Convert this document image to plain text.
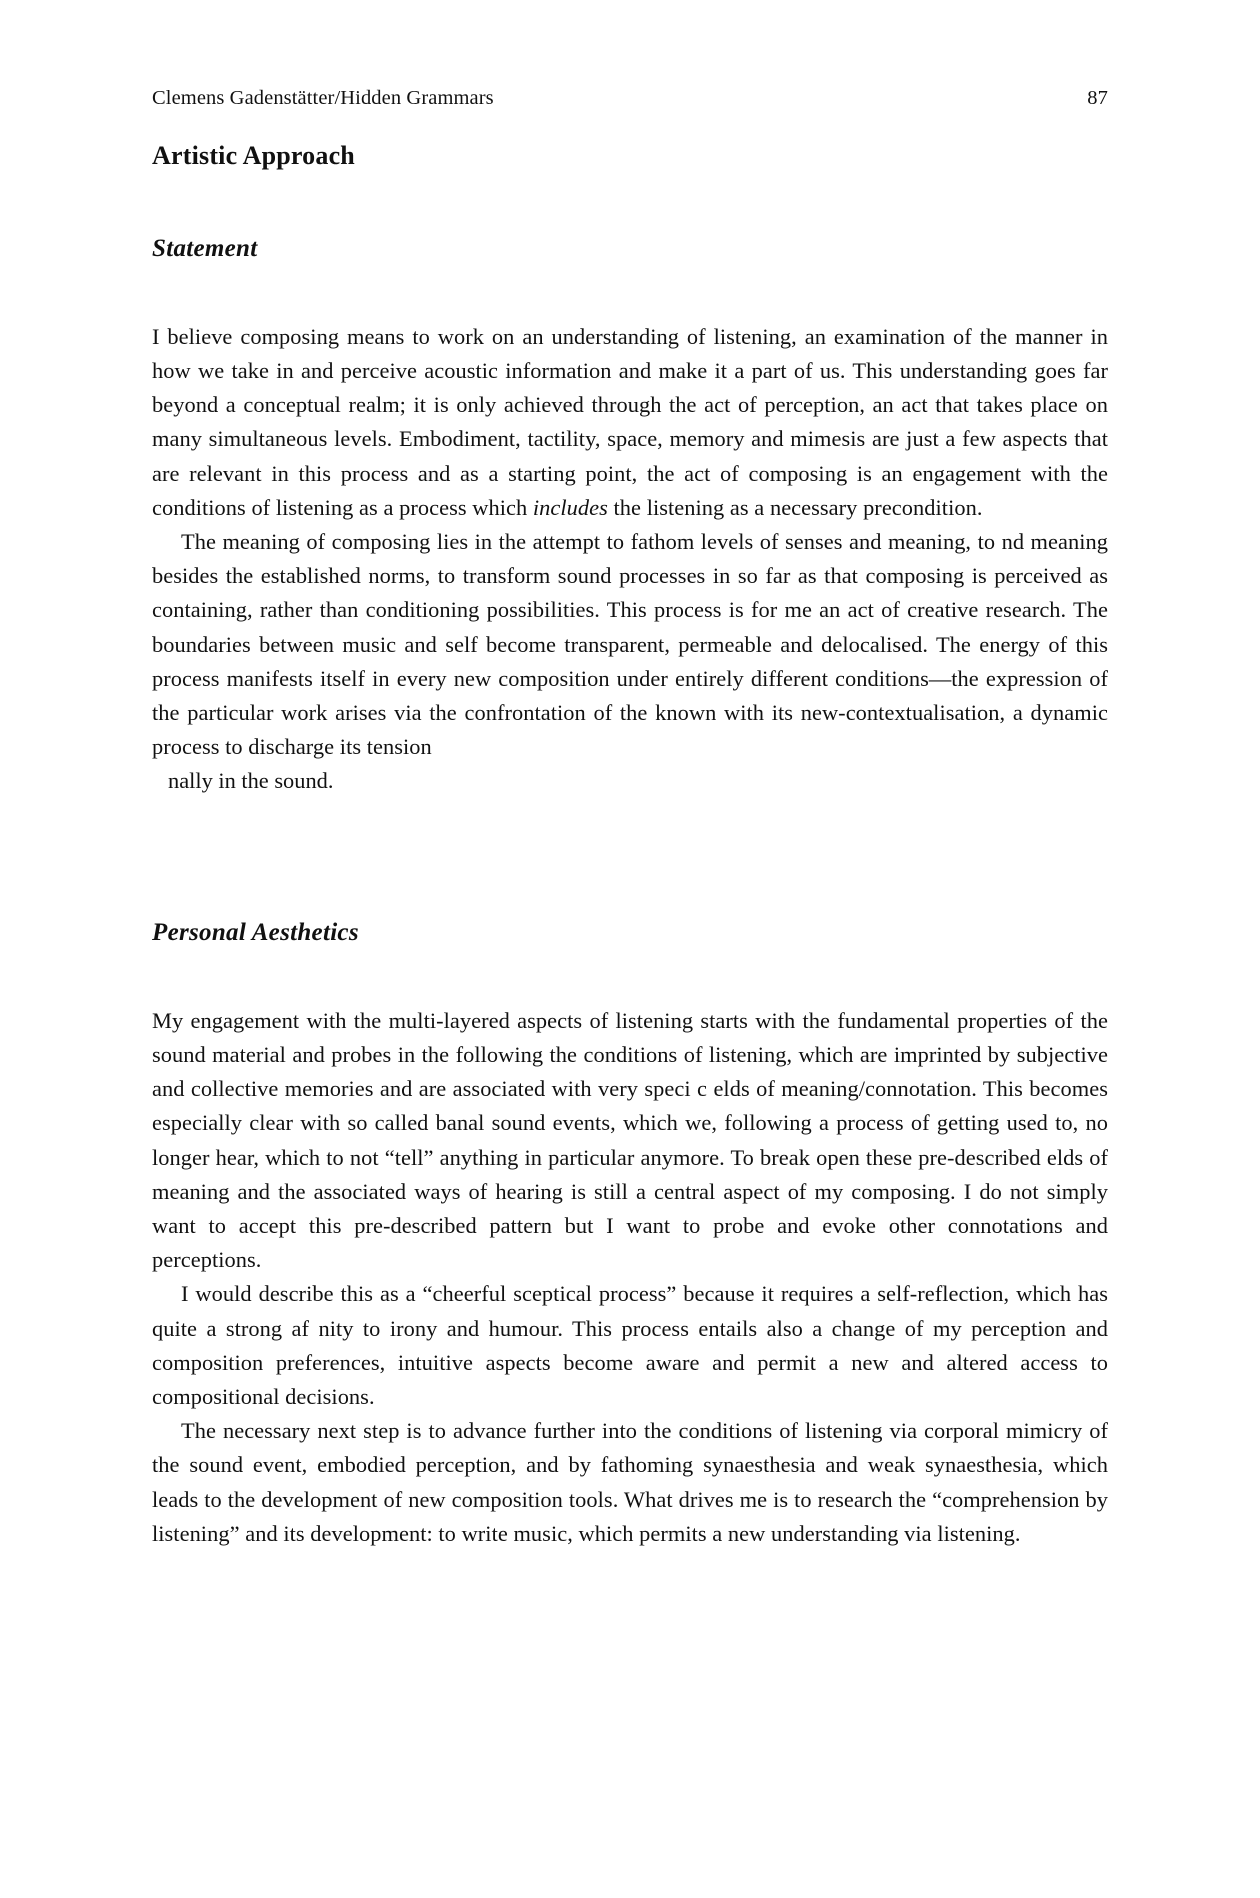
Clemens Gadenstätter/Hidden Grammars	87
Artistic Approach
Statement

I believe composing means to work on an understanding of listening, an examination of the manner in how we take in and perceive acoustic information and make it a part of us. This understanding goes far beyond a conceptual realm; it is only achieved through the act of perception, an act that takes place on many simultaneous levels. Embodiment, tactility, space, memory and mimesis are just a few aspects that are relevant in this process and as a starting point, the act of composing is an engagement with the conditions of listening as a process which includes the listening as a necessary precondition.

The meaning of composing lies in the attempt to fathom levels of senses and meaning, to nd meaning besides the established norms, to transform sound processes in so far as that composing is perceived as containing, rather than conditioning possibilities. This process is for me an act of creative research. The boundaries between music and self become transparent, permeable and delocalised. The energy of this process manifests itself in every new composition under entirely different conditions—the expression of the particular work arises via the confrontation of the known with its new-contextualisation, a dynamic process to discharge its tension

nally in the sound.
Personal Aesthetics

My engagement with the multi-layered aspects of listening starts with the fundamental properties of the sound material and probes in the following the conditions of listening, which are imprinted by subjective and collective memories and are associated with very speci c elds of meaning/connotation. This becomes especially clear with so called banal sound events, which we, following a process of getting used to, no longer hear, which to not “tell” anything in particular anymore. To break open these pre-described elds of meaning and the associated ways of hearing is still a central aspect of my composing. I do not simply want to accept this pre-described pattern but I want to probe and evoke other connotations and perceptions.

I would describe this as a “cheerful sceptical process” because it requires a self-reflection, which has quite a strong af nity to irony and humour. This process entails also a change of my perception and composition preferences, intuitive aspects become aware and permit a new and altered access to compositional decisions.

The necessary next step is to advance further into the conditions of listening via corporal mimicry of the sound event, embodied perception, and by fathoming synaesthesia and weak synaesthesia, which leads to the development of new composition tools. What drives me is to research the “comprehension by listening” and its development: to write music, which permits a new understanding via listening.
